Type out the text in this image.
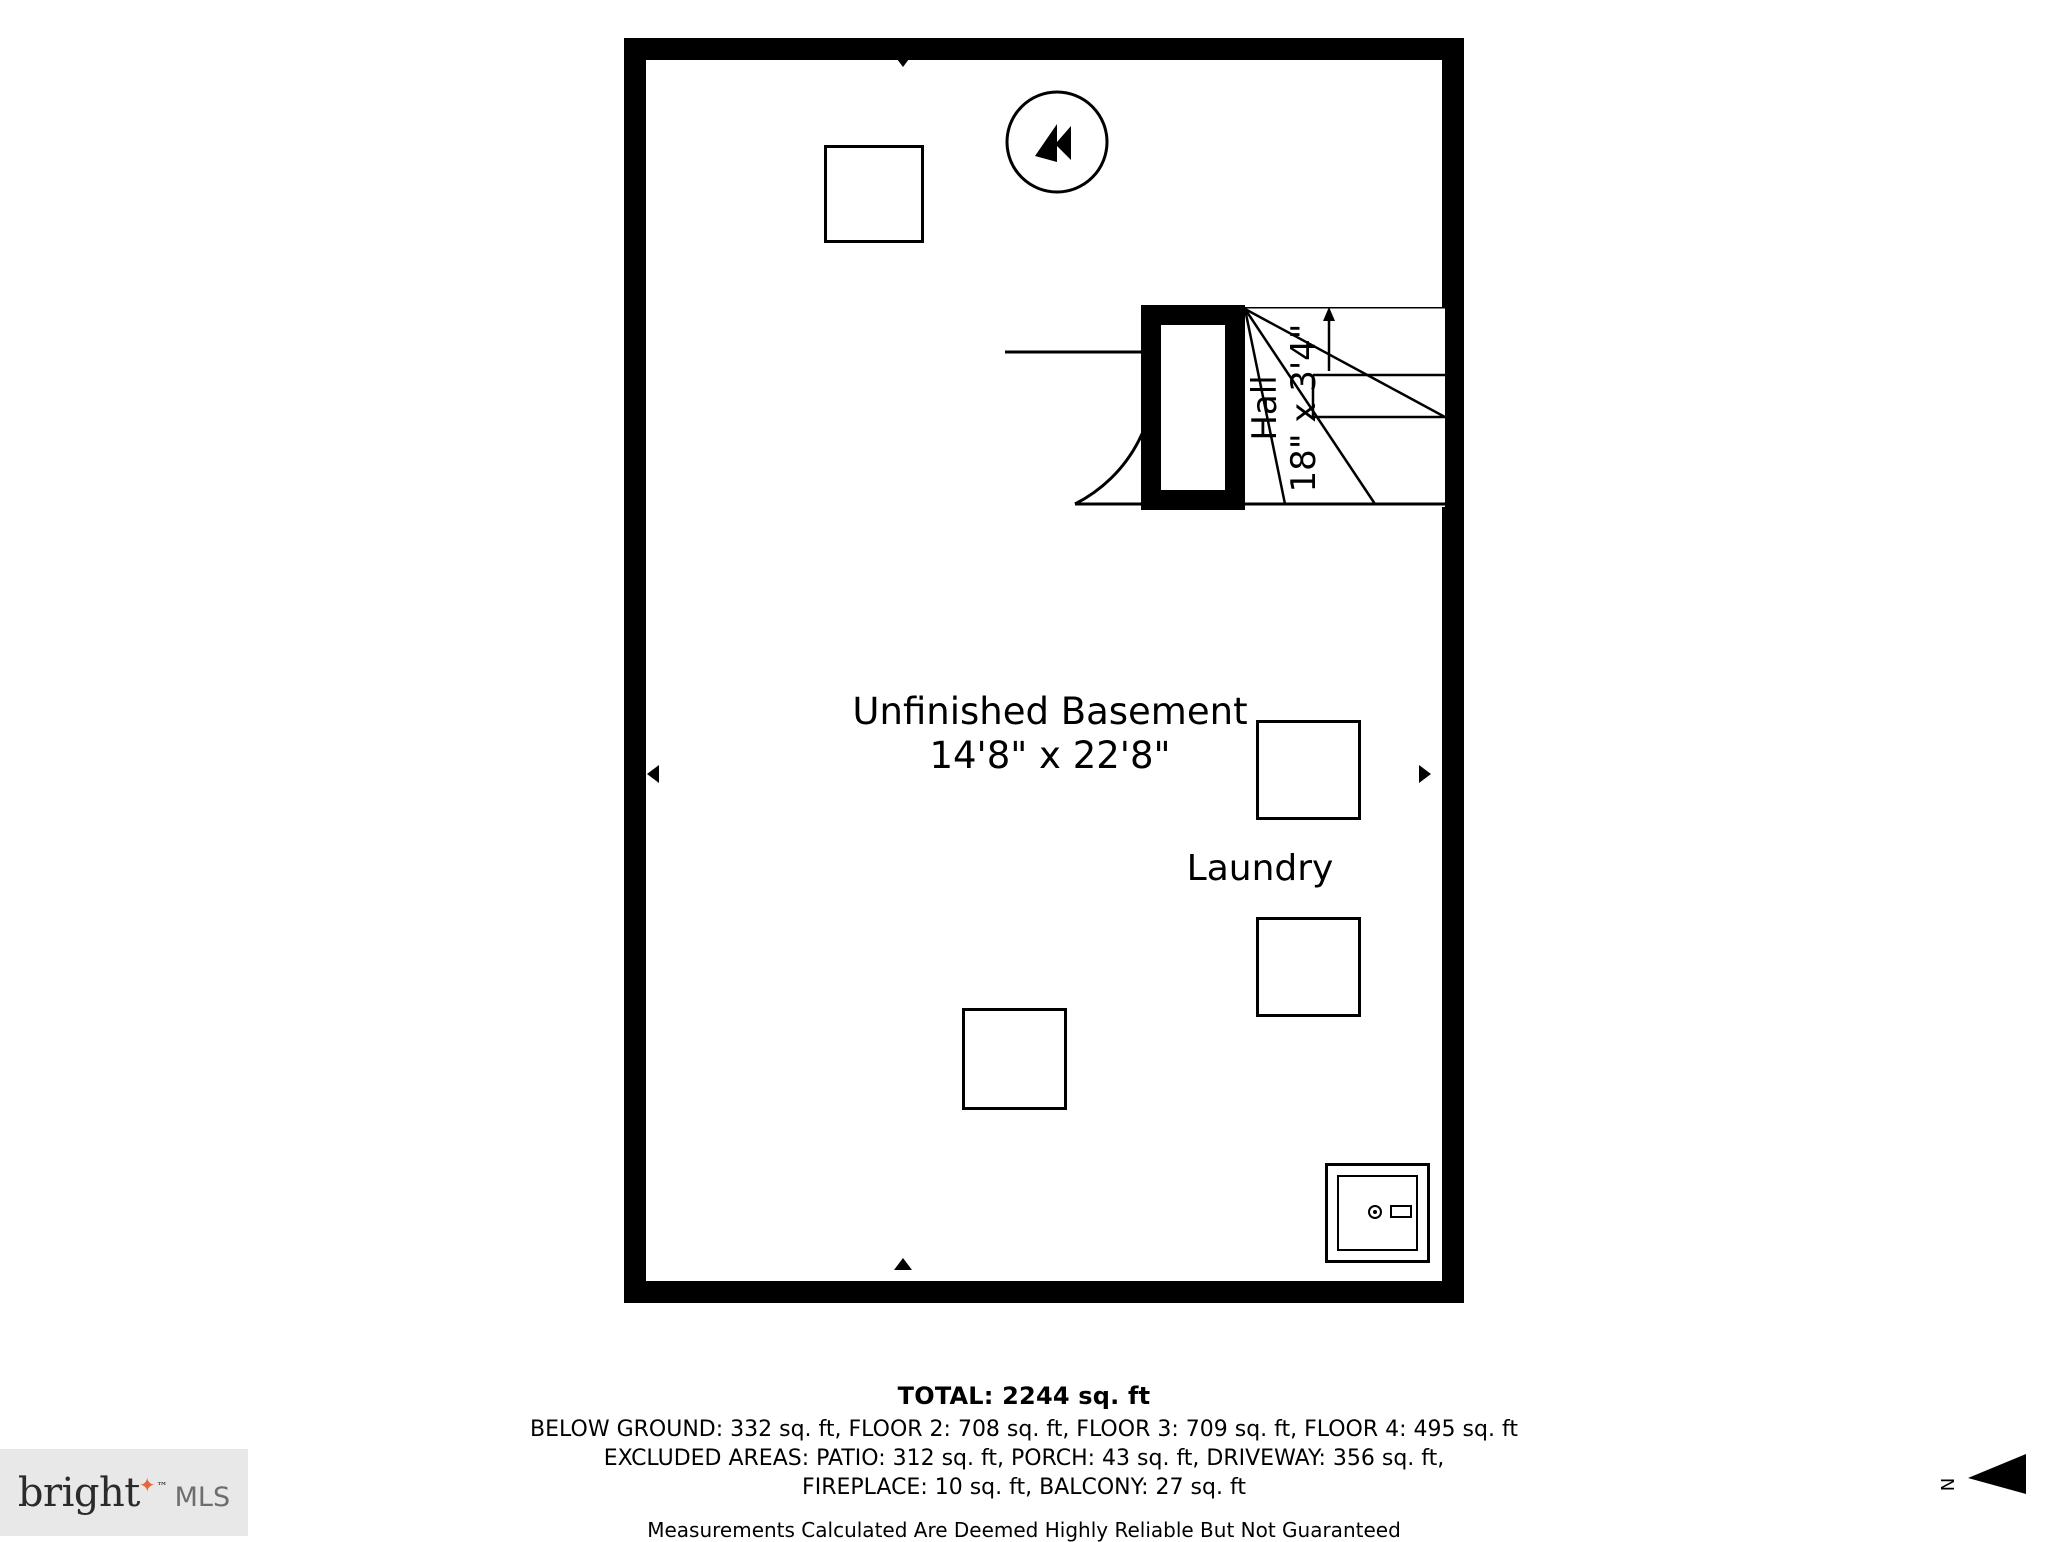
Unfinished Basement
14'8" x 22'8"
Laundry
Hall 18" x 3'4"
TOTAL: 2244 sq. ft
BELOW GROUND: 332 sq. ft, FLOOR 2: 708 sq. ft, FLOOR 3: 709 sq. ft, FLOOR 4: 495 sq. ft
EXCLUDED AREAS: PATIO: 312 sq. ft, PORCH: 43 sq. ft, DRIVEWAY: 356 sq. ft,
FIREPLACE: 10 sq. ft, BALCONY: 27 sq. ft
Measurements Calculated Are Deemed Highly Reliable But Not Guaranteed
bright ✦ ™ MLS	N
